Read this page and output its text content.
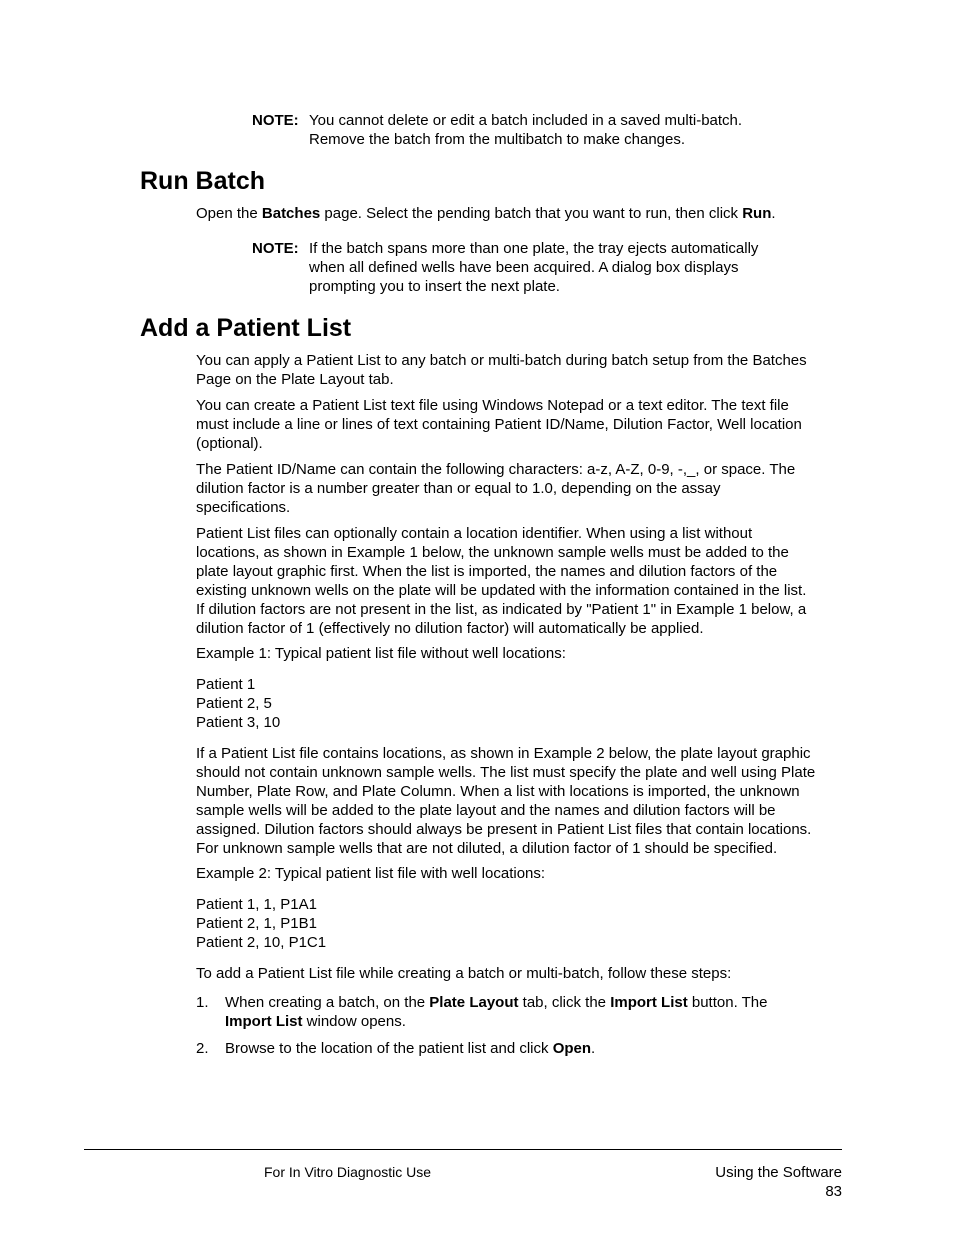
NOTE: You cannot delete or edit a batch included in a saved multi-batch.
Remove the batch from the multibatch to make changes.
Run Batch
Open the Batches page. Select the pending batch that you want to run, then click Run.
NOTE: If the batch spans more than one plate, the tray ejects automatically
when all defined wells have been acquired. A dialog box displays
prompting you to insert the next plate.
Add a Patient List
You can apply a Patient List to any batch or multi-batch during batch setup from the Batches
Page on the Plate Layout tab.
You can create a Patient List text file using Windows Notepad or a text editor. The text file
must include a line or lines of text containing Patient ID/Name, Dilution Factor, Well location
(optional).
The Patient ID/Name can contain the following characters: a-z, A-Z, 0-9, -,_, or space. The
dilution factor is a number greater than or equal to 1.0, depending on the assay
specifications.
Patient List files can optionally contain a location identifier. When using a list without
locations, as shown in Example 1 below, the unknown sample wells must be added to the
plate layout graphic first. When the list is imported, the names and dilution factors of the
existing unknown wells on the plate will be updated with the information contained in the list.
If dilution factors are not present in the list, as indicated by "Patient 1" in Example 1 below, a
dilution factor of 1 (effectively no dilution factor) will automatically be applied.
Example 1: Typical patient list file without well locations:
Patient 1
Patient 2, 5
Patient 3, 10
If a Patient List file contains locations, as shown in Example 2 below, the plate layout graphic
should not contain unknown sample wells. The list must specify the plate and well using Plate
Number, Plate Row, and Plate Column. When a list with locations is imported, the unknown
sample wells will be added to the plate layout and the names and dilution factors will be
assigned. Dilution factors should always be present in Patient List files that contain locations.
For unknown sample wells that are not diluted, a dilution factor of 1 should be specified.
Example 2: Typical patient list file with well locations:
Patient 1, 1, P1A1
Patient 2, 1, P1B1
Patient 2, 10, P1C1
To add a Patient List file while creating a batch or multi-batch, follow these steps:
1.	When creating a batch, on the Plate Layout tab, click the Import List button. The
Import List window opens.
2.	Browse to the location of the patient list and click Open.
For In Vitro Diagnostic Use	Using the Software
83
